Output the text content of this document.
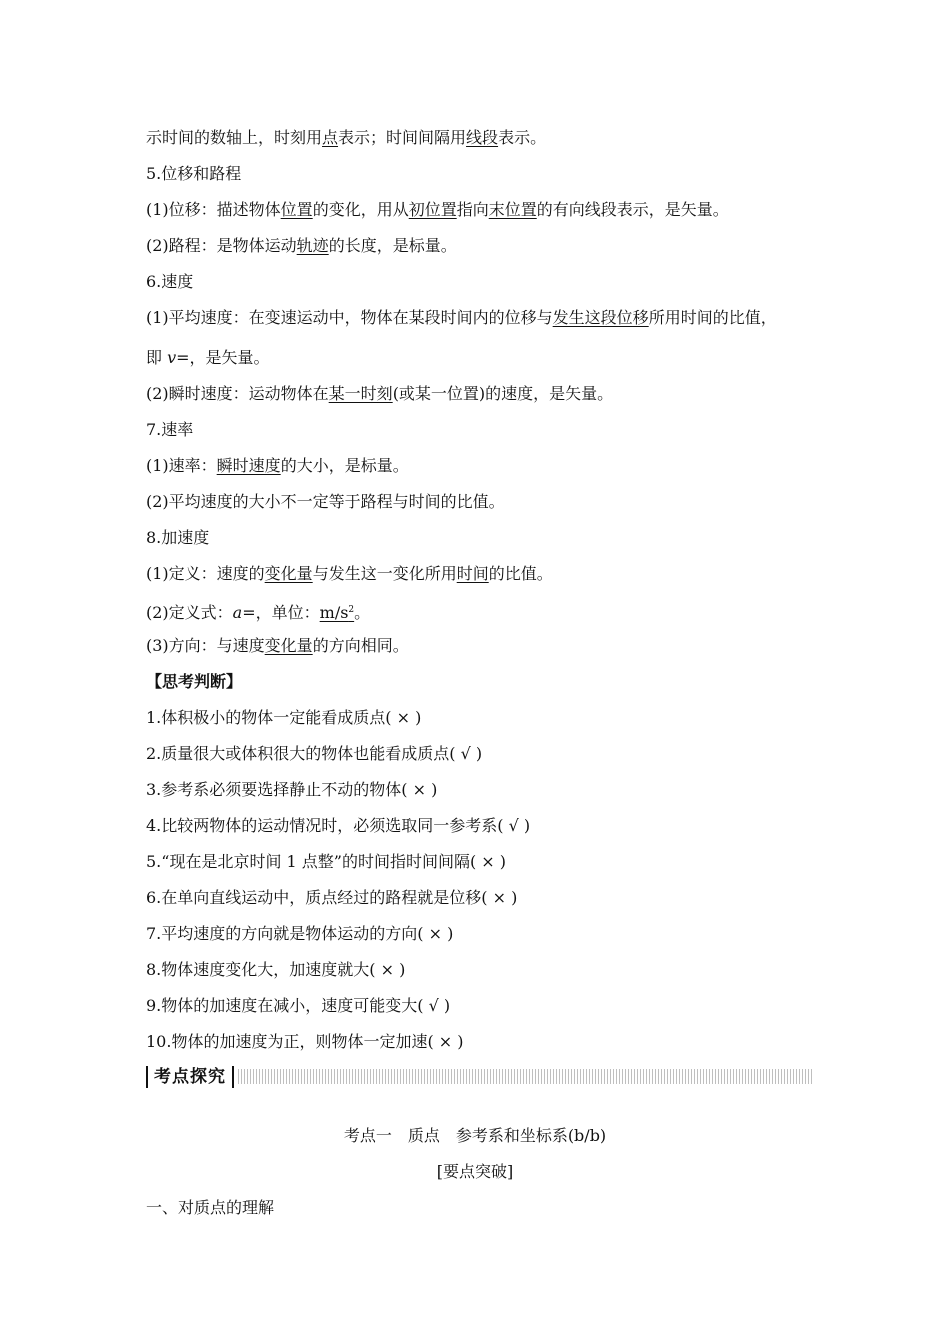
示时间的数轴上，时刻用点表示；时间间隔用线段表示。
5.位移和路程
(1)位移：描述物体位置的变化，用从初位置指向末位置的有向线段表示，是矢量。
(2)路程：是物体运动轨迹的长度，是标量。
6.速度
(1)平均速度：在变速运动中，物体在某段时间内的位移与发生这段位移所用时间的比值，
即 v=，是矢量。
(2)瞬时速度：运动物体在某一时刻(或某一位置)的速度，是矢量。
7.速率
(1)速率：瞬时速度的大小，是标量。
(2)平均速度的大小不一定等于路程与时间的比值。
8.加速度
(1)定义：速度的变化量与发生这一变化所用时间的比值。
(2)定义式：a=，单位：$m/s^2$。
(3)方向：与速度变化量的方向相同。
【思考判断】
1.体积极小的物体一定能看成质点( × )
2.质量很大或体积很大的物体也能看成质点( √ )
3.参考系必须要选择静止不动的物体( × )
4.比较两物体的运动情况时，必须选取同一参考系( √ )
5.“现在是北京时间 1 点整”的时间指时间间隔( × )
6.在单向直线运动中，质点经过的路程就是位移( × )
7.平均速度的方向就是物体运动的方向( × )
8.物体速度变化大，加速度就大( × )
9.物体的加速度在减小，速度可能变大( √ )
10.物体的加速度为正，则物体一定加速( × )
考点探究
考点一　质点　参考系和坐标系(b/b)
[要点突破]
一、对质点的理解
